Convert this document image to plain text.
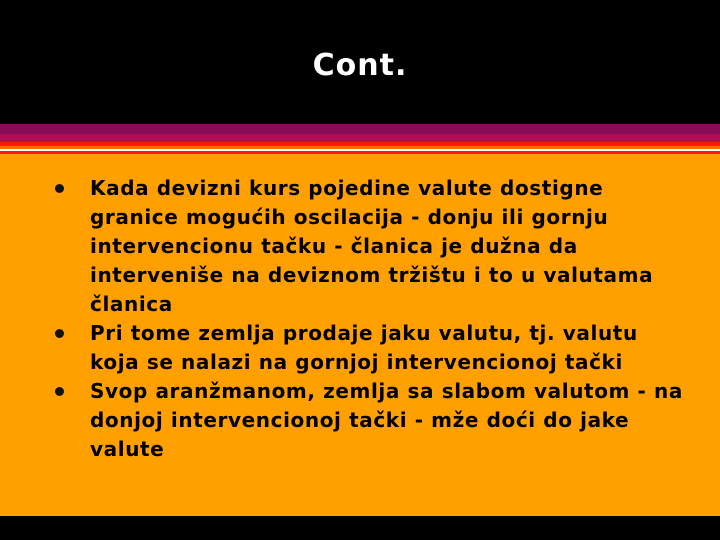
Cont.
Kada devizni kurs pojedine valute dostigne granice mogućih oscilacija - donju ili gornju intervencionu tačku - članica je dužna da interveniše na deviznom tržištu i to u valutama članica
Pri tome zemlja prodaje jaku valutu, tj. valutu koja se nalazi na gornjoj intervencionoj tački
Svop aranžmanom, zemlja sa slabom valutom - na donjoj intervencionoj tački - mže doći do jake valute
